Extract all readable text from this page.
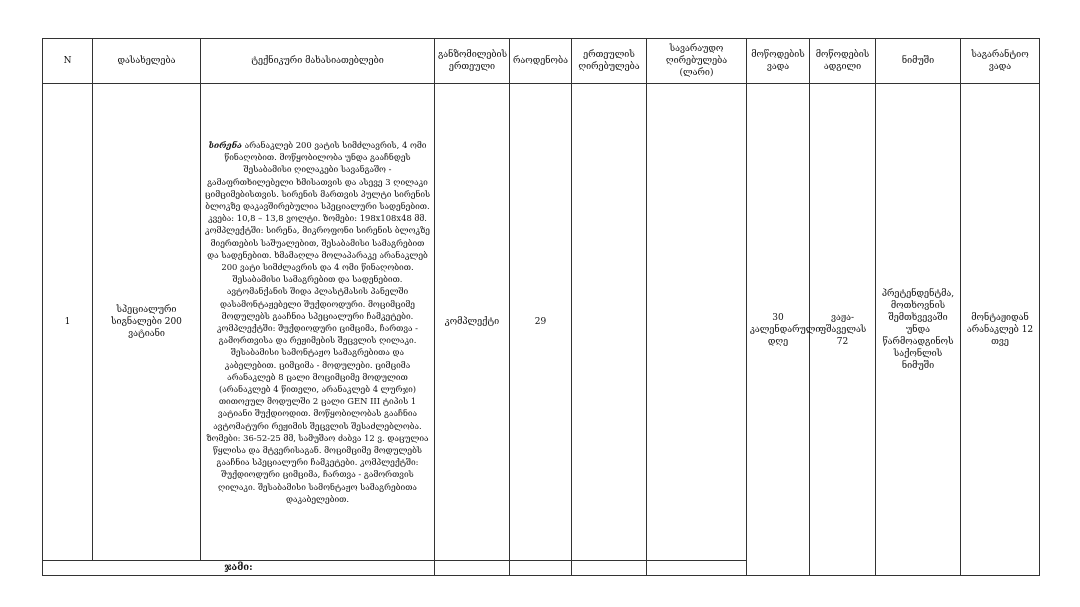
N	დასახელება	ტექნიკური მახასიათებლები	განზომილების ერთეული	რაოდენობა	ერთეულის ღირებულება	სავარაუდო ღირებულება (ლარი)	მოწოდების ვადა	მოწოდების ადგილი	ნიმუში	საგარანტიო ვადა
1	სპეციალური სიგნალები 200 ვატიანი	სირენა არანაკლებ 200 ვატის სიმძლავრის, 4 ომი წინაღობით. მოწყობილობა უნდა გააჩნდეს შესაბამისი ღილაკები სავანგაშო - გამაფრთხილებელი ხმისათვის და ასევე 3 ღილაკი ციმციმებისთვის. სირენის მართვის პულტი სირენის ბლოკზე დაკავშირებულია სპეციალური სადენებით. კვება: 10,8 – 13,8 ვოლტი. ზომები: 198x108x48 მმ. კომპლექტში: სირენა, მიკროფონი სირენის ბლოკზე მიერთების საშუალებით, შესაბამისი სამაგრებით და სადენებით. ხმამაღლა მოლაპარაკე არანაკლებ 200 ვატი სიმძლავრის და 4 ომი წინაღობით. შესაბამისი სამაგრებით და სადენებით. ავტომანქანის შიდა პლასტმასის პანელში დასამონტაჟებელი შუქდიოდური. მოციმციმე მოდულებს გააჩნია სპეციალური ჩამკეტები. კომპლექტში: შუქდიოდური ციმციმა, ჩართვა - გამორთვისა და რეჟიმების შეცვლის ღილაკი. შესაბამისი სამონტაჟო სამაგრებითა და კაბელებით. ციმციმა - მოდულები. ციმციმა არანაკლებ 8 ცალი მოციმციმე მოდულით (არანაკლებ 4 წითელი, არანაკლებ 4 ლურჯი) თითოეულ მოდულში 2 ცალი GEN III ტიპის 1 ვატიანი შუქდიოდით. მოწყობილობას გააჩნია ავტომატური რეჟიმის შეცვლის შესაძლებლობა. ზომები: 36-52-25 მმ, სამუშაო ძაბვა 12 ვ. დაცულია წყლისა და მტვერისაგან. მოციმციმე მოდულებს გააჩნია სპეციალური ჩამკეტები. კომპლექტში: შუქდიოდური ციმციმა, ჩართვა - გამორთვის ღილაკი. შესაბამისი სამონტაჟო სამაგრებითა დაკაბელებით.	კომპლექტი	29			30 კალენდარული დღე	ვაჟა-ფშაველას 72	პრეტენდენტმა, მოთხოვნის შემთხვევაში უნდა წარმოადგინოს საქონლის ნიმუში	მონტაჟიდან არანაკლებ 12 თვე
ჯამი:										
